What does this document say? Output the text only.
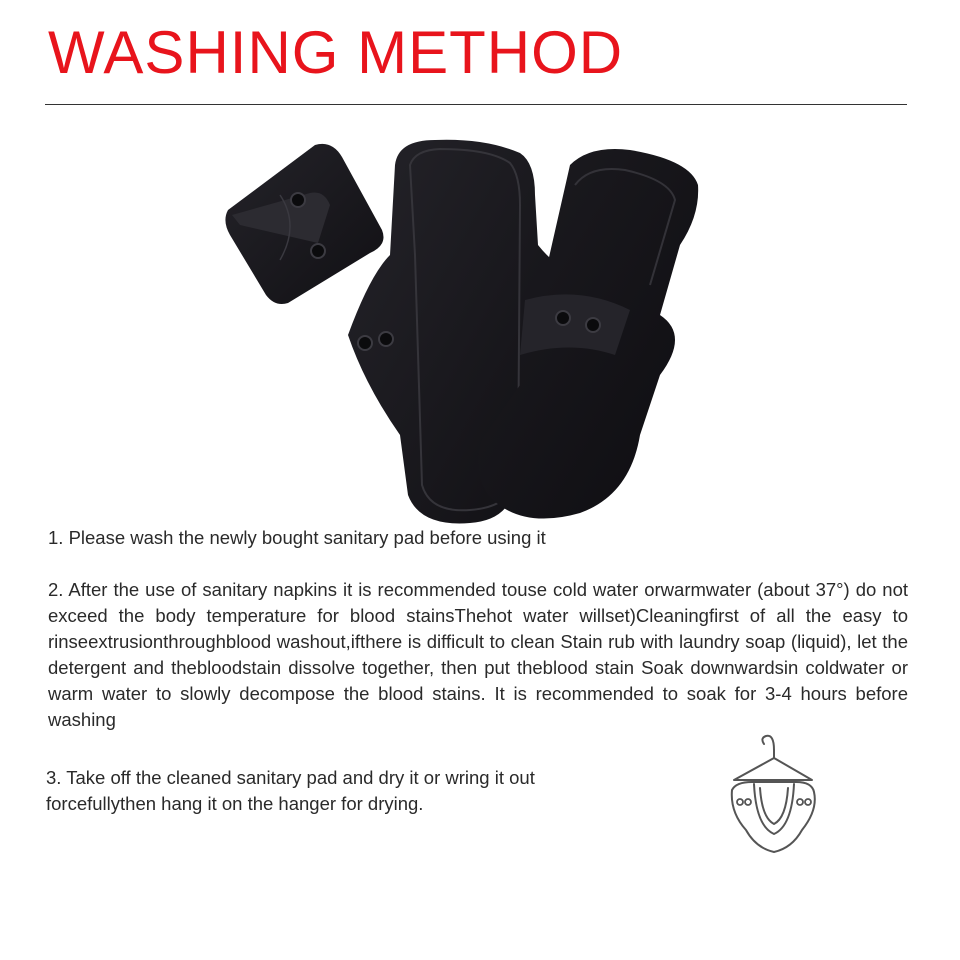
WASHING METHOD

1. Please wash the newly bought sanitary pad before using it

2. After the use of sanitary napkins it is recommended touse cold water orwarmwater (about 37°) do not exceed the body temperature for blood stainsThehot water willset)Cleaningfirst of all the easy to rinseextrusionthroughblood washout,ifthere is difficult to clean Stain rub with laundry soap (liquid), let the detergent and thebloodstain dissolve together, then put theblood stain Soak downwardsin coldwater or warm water to slowly decompose the blood stains. It is recommended to soak for 3-4 hours before washing

3. Take off the cleaned sanitary pad and dry it or wring it out forcefullythen hang it on the hanger for drying.
